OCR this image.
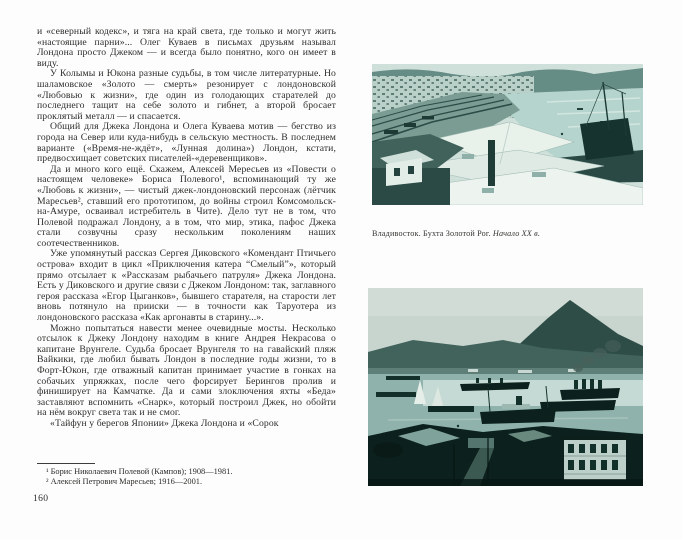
и «северный кодекс», и тяга на край света, где только и могут жить «настоящие парни»... Олег Куваев в письмах друзьям называл Лондона просто Джеком — и всегда было понятно, кого он имеет в виду.

У Колымы и Юкона разные судьбы, в том числе литературные. Но шаламовское «Золото — смерть» резонирует с лондоновской «Любовью к жизни», где один из голодающих старателей до последнего тащит на себе золото и гибнет, а второй бросает проклятый металл — и спасается.

Общий для Джека Лондона и Олега Куваева мотив — бегство из города на Север или куда-нибудь в сельскую местность. В последнем варианте («Время-не-ждёт», «Лунная долина») Лондон, кстати, предвосхищает советских писателей-«деревенщиков».

Да и много кого ещё. Скажем, Алексей Мересьев из «Повести о настоящем человеке» Бориса Полевого¹, вспоминающий ту же «Любовь к жизни», — чистый джек-лондоновский персонаж (лётчик Маресьев², ставший его прототипом, до войны строил Комсомольск-на-Амуре, осваивал истребитель в Чите). Дело тут не в том, что Полевой подражал Лондону, а в том, что мир, этика, пафос Джека стали созвучны сразу нескольким поколениям наших соотечественников.

Уже упомянутый рассказ Сергея Диковского «Комендант Птичьего острова» входит в цикл «Приключения катера “Смелый”», который прямо отсылает к «Рассказам рыбачьего патруля» Джека Лондона. Есть у Диковского и другие связи с Джеком Лондоном: так, заглавного героя рассказа «Егор Цыганков», бывшего старателя, на старости лет вновь потянуло на прииски — в точности как Таруотера из лондоновского рассказа «Как аргонавты в старину...».

Можно попытаться навести менее очевидные мосты. Несколько отсылок к Джеку Лондону находим в книге Андрея Некрасова о капитане Врунгеле. Судьба бросает Врунгеля то на гавайский пляж Вайкики, где любил бывать Лондон в последние годы жизни, то в Форт-Юкон, где отважный капитан принимает участие в гонках на собачьих упряжках, после чего форсирует Берингов пролив и финиширует на Камчатке. Да и сами злоключения яхты «Беда» заставляют вспомнить «Снарк», который построил Джек, но обойти на нём вокруг света так и не смог.

«Тайфун у берегов Японии» Джека Лондона и «Сорок

¹ Борис Николаевич Полевой (Кампов); 1908—1981.

² Алексей Петрович Маресьев; 1916—2001.

160
Владивосток. Бухта Золотой Рог. Начало XX в.
